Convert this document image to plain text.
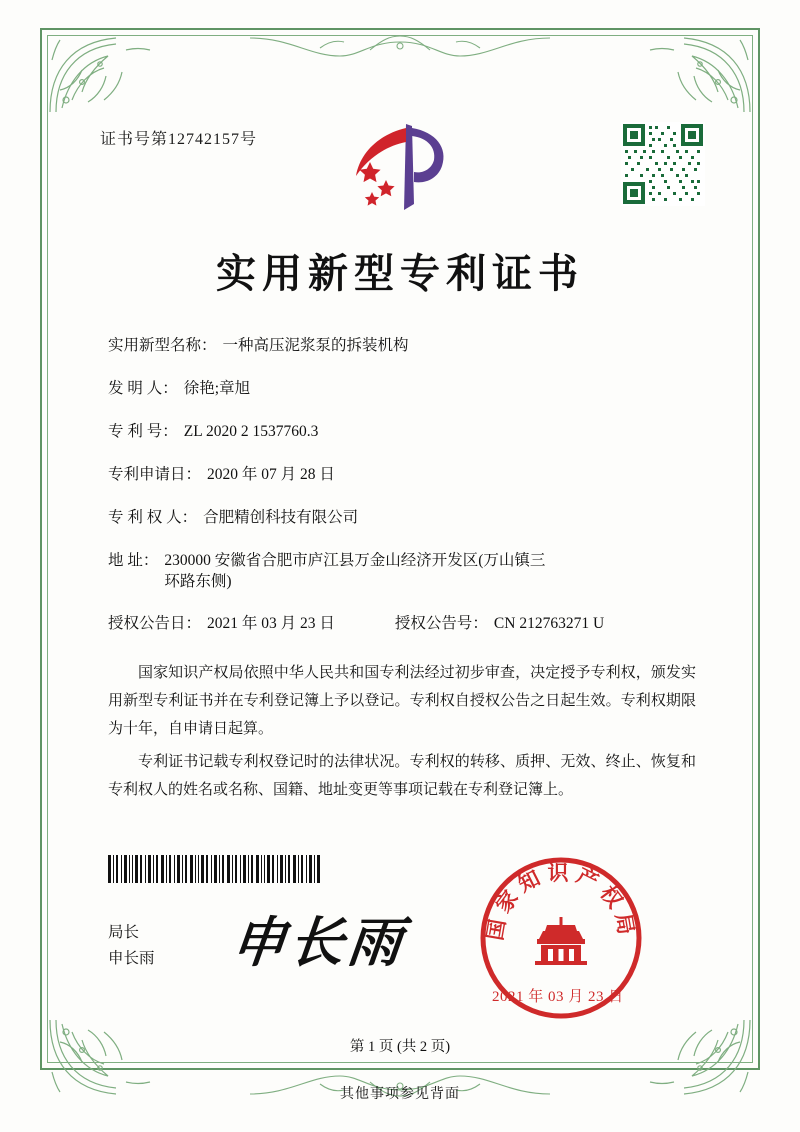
证书号第12742157号
实用新型专利证书
实用新型名称： 一种高压泥浆泵的拆装机构
发 明 人： 徐艳;章旭
专 利 号： ZL 2020 2 1537760.3
专利申请日： 2020 年 07 月 28 日
专 利 权 人： 合肥精创科技有限公司
地 址： 230000 安徽省合肥市庐江县万金山经济开发区(万山镇三
环路东侧)
授权公告日： 2021 年 03 月 23 日	授权公告号： CN 212763271 U

国家知识产权局依照中华人民共和国专利法经过初步审查，决定授予专利权，颁发实用新型专利证书并在专利登记簿上予以登记。专利权自授权公告之日起生效。专利权期限为十年，自申请日起算。

专利证书记载专利权登记时的法律状况。专利权的转移、质押、无效、终止、恢复和专利权人的姓名或名称、国籍、地址变更等事项记载在专利登记簿上。

局长
申长雨 申长雨	国家知识产权局
2021 年 03 月 23 日
第 1 页 (共 2 页)
其他事项参见背面
